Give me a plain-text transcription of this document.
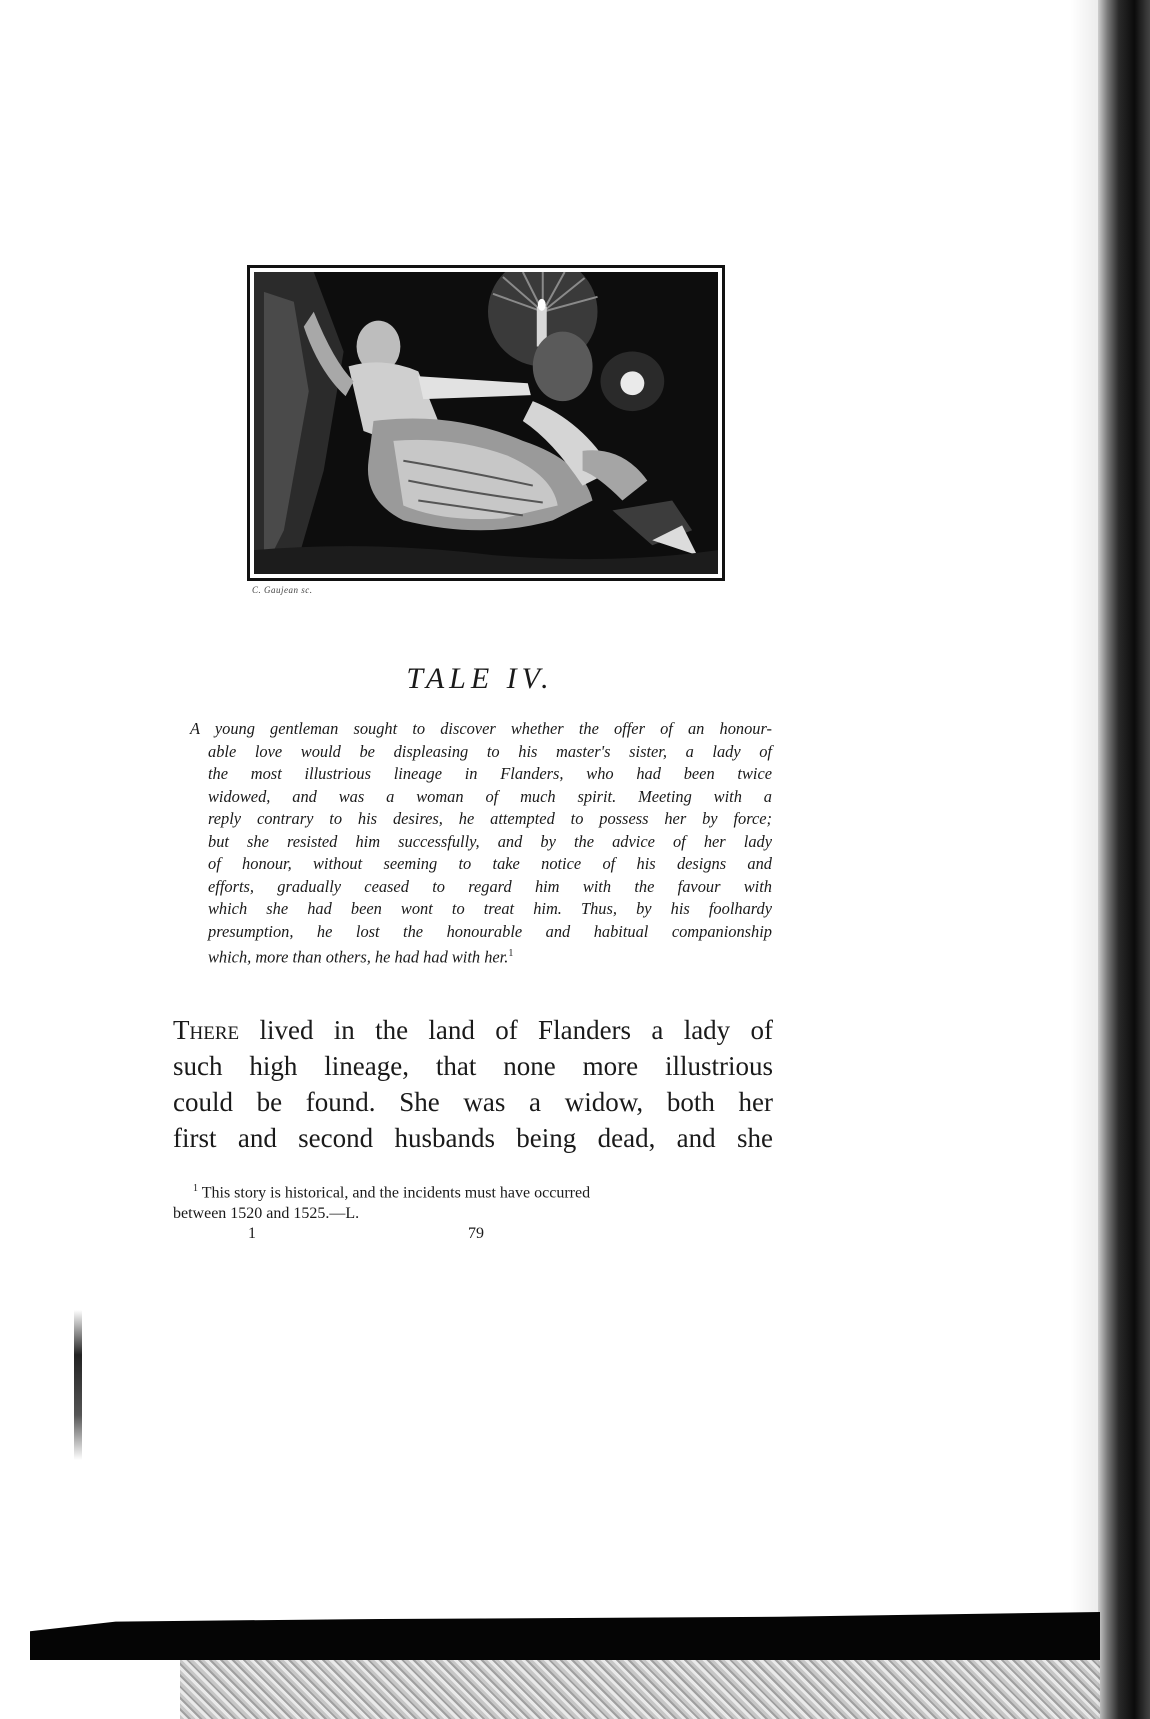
C. Gaujean sc.
TALE IV.
A young gentleman sought to discover whether the offer of an honour-
able love would be displeasing to his master's sister, a lady of
the most illustrious lineage in Flanders, who had been twice
widowed, and was a woman of much spirit. Meeting with a
reply contrary to his desires, he attempted to possess her by force;
but she resisted him successfully, and by the advice of her lady
of honour, without seeming to take notice of his designs and
efforts, gradually ceased to regard him with the favour with
which she had been wont to treat him. Thus, by his foolhardy
presumption, he lost the honourable and habitual companionship
which, more than others, he had had with her.$^1$
There lived in the land of Flanders a lady of
such high lineage, that none more illustrious
could be found. She was a widow, both her
first and second husbands being dead, and she
$^1$ This story is historical, and the incidents must have occurred
between 1520 and 1525.—L.
1	79
